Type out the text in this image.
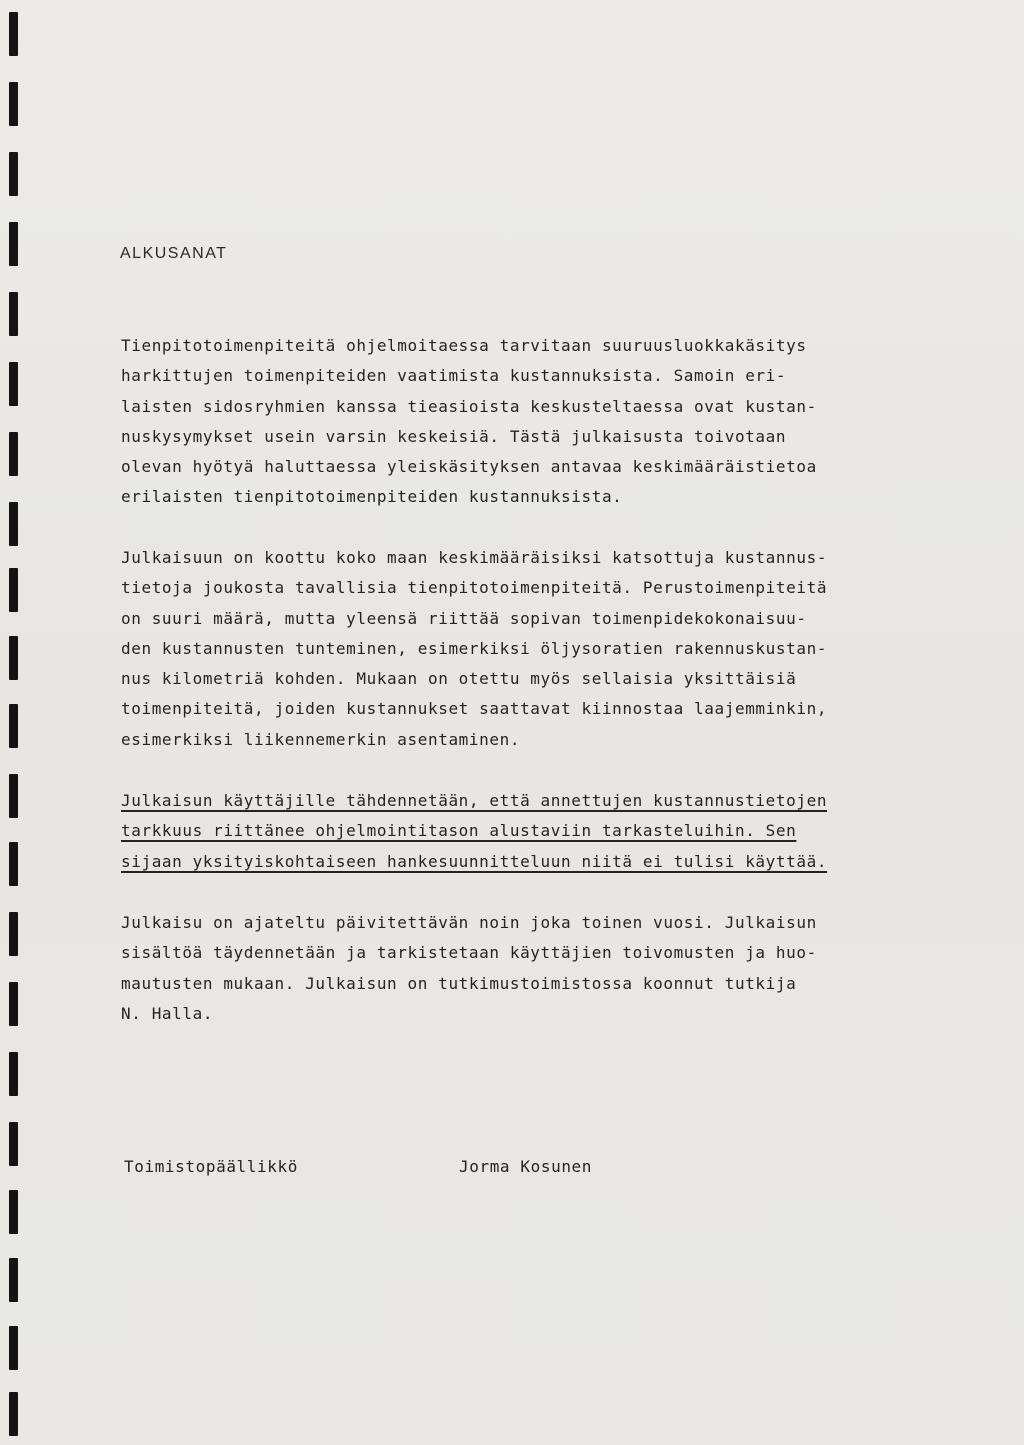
ALKUSANAT
Tienpitotoimenpiteitä ohjelmoitaessa tarvitaan suuruusluokkakäsitys
harkittujen toimenpiteiden vaatimista kustannuksista. Samoin eri-
laisten sidosryhmien kanssa tieasioista keskusteltaessa ovat kustan-
nuskysymykset usein varsin keskeisiä. Tästä julkaisusta toivotaan
olevan hyötyä haluttaessa yleiskäsityksen antavaa keskimääräistietoa
erilaisten tienpitotoimenpiteiden kustannuksista.
Julkaisuun on koottu koko maan keskimääräisiksi katsottuja kustannus-
tietoja joukosta tavallisia tienpitotoimenpiteitä. Perustoimenpiteitä
on suuri määrä, mutta yleensä riittää sopivan toimenpidekokonaisuu-
den kustannusten tunteminen, esimerkiksi öljysoratien rakennuskustan-
nus kilometriä kohden. Mukaan on otettu myös sellaisia yksittäisiä
toimenpiteitä, joiden kustannukset saattavat kiinnostaa laajemminkin,
esimerkiksi liikennemerkin asentaminen.
Julkaisun käyttäjille tähdennetään, että annettujen kustannustietojen
tarkkuus riittänee ohjelmointitason alustaviin tarkasteluihin. Sen
sijaan yksityiskohtaiseen hankesuunnitteluun niitä ei tulisi käyttää.
Julkaisu on ajateltu päivitettävän noin joka toinen vuosi. Julkaisun
sisältöä täydennetään ja tarkistetaan käyttäjien toivomusten ja huo-
mautusten mukaan. Julkaisun on tutkimustoimistossa koonnut tutkija
N. Halla.
Toimistopäällikkö	Jorma Kosunen
